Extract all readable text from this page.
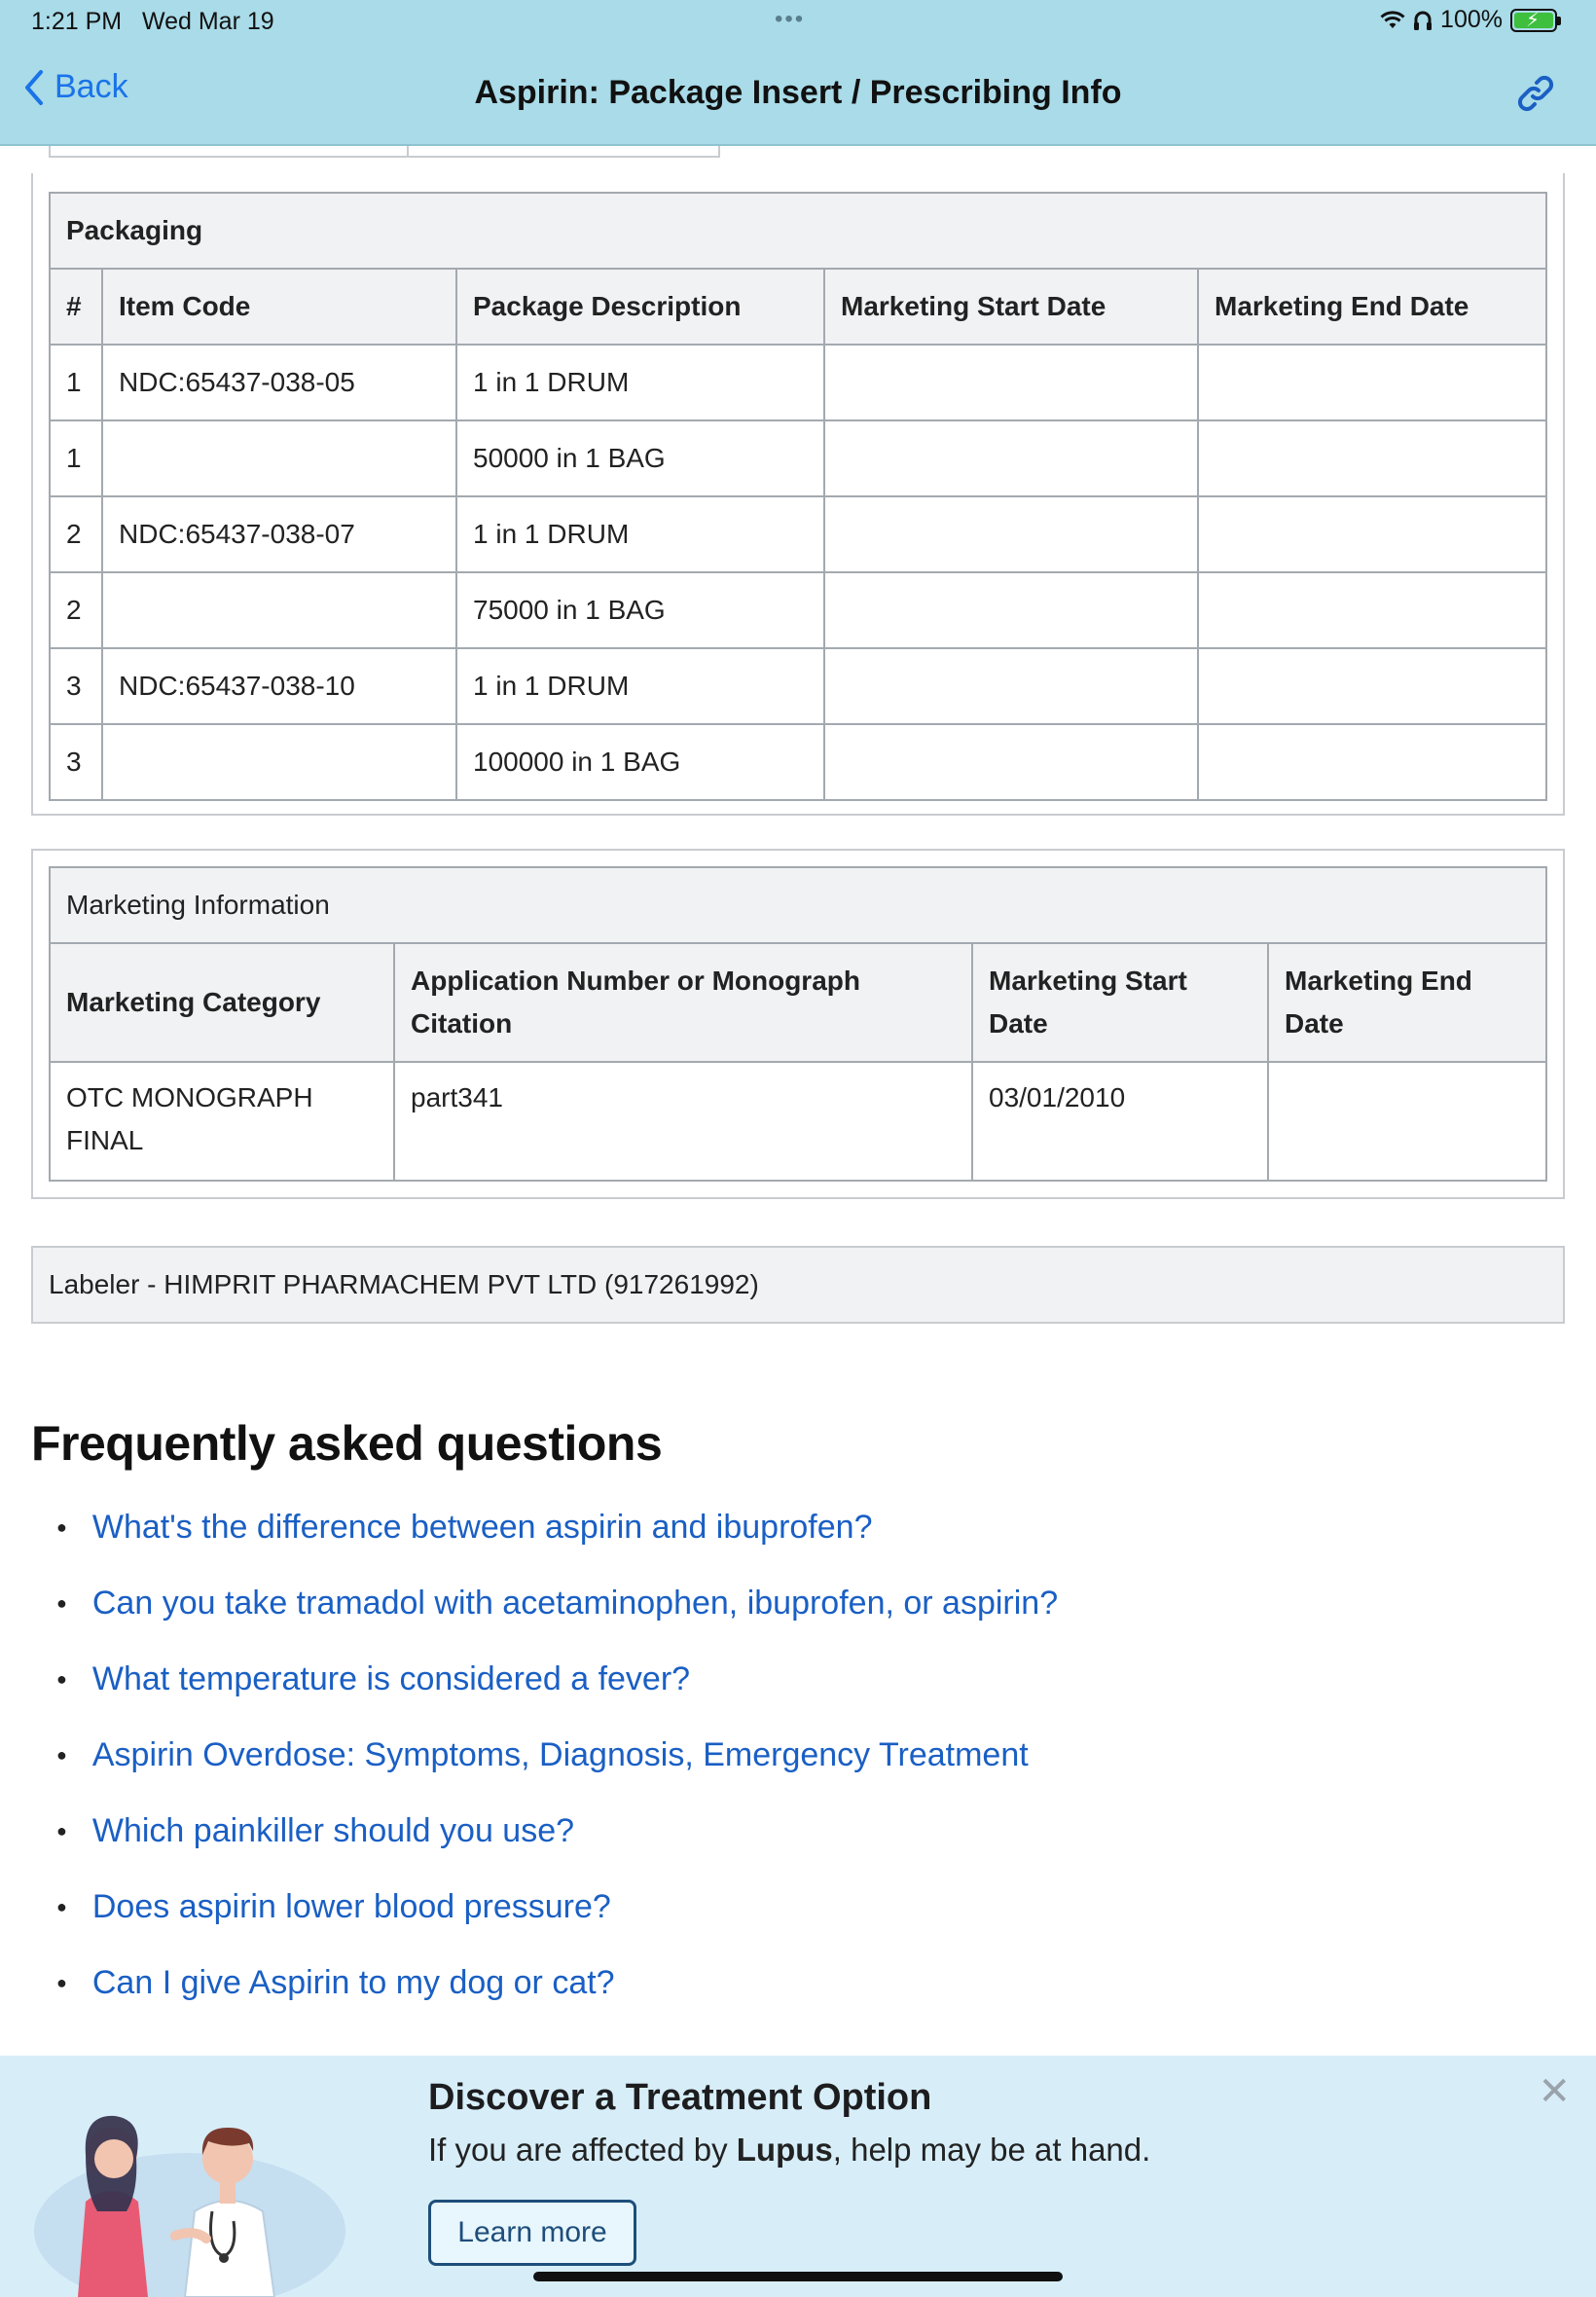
1:21 PM Wed Mar 19	•••	100% ⚡
Back	Aspirin: Package Insert / Prescribing Info
Packaging				
#	Item Code	Package Description	Marketing Start Date	Marketing End Date
1	NDC:65437-038-05	1 in 1 DRUM		
1		50000 in 1 BAG		
2	NDC:65437-038-07	1 in 1 DRUM		
2		75000 in 1 BAG		
3	NDC:65437-038-10	1 in 1 DRUM		
3		100000 in 1 BAG		
Marketing Information			
Marketing Category	Application Number or Monograph Citation	Marketing Start Date	Marketing End Date
OTC MONOGRAPH FINAL	part341	03/01/2010	
Labeler - HIMPRIT PHARMACHEM PVT LTD (917261992)
Frequently asked questions
● What's the difference between aspirin and ibuprofen?
● Can you take tramadol with acetaminophen, ibuprofen, or aspirin?
● What temperature is considered a fever?
● Aspirin Overdose: Symptoms, Diagnosis, Emergency Treatment
● Which painkiller should you use?
● Does aspirin lower blood pressure?
● Can I give Aspirin to my dog or cat?
Discover a Treatment Option
If you are affected by Lupus, help may be at hand.
Learn more
✕
